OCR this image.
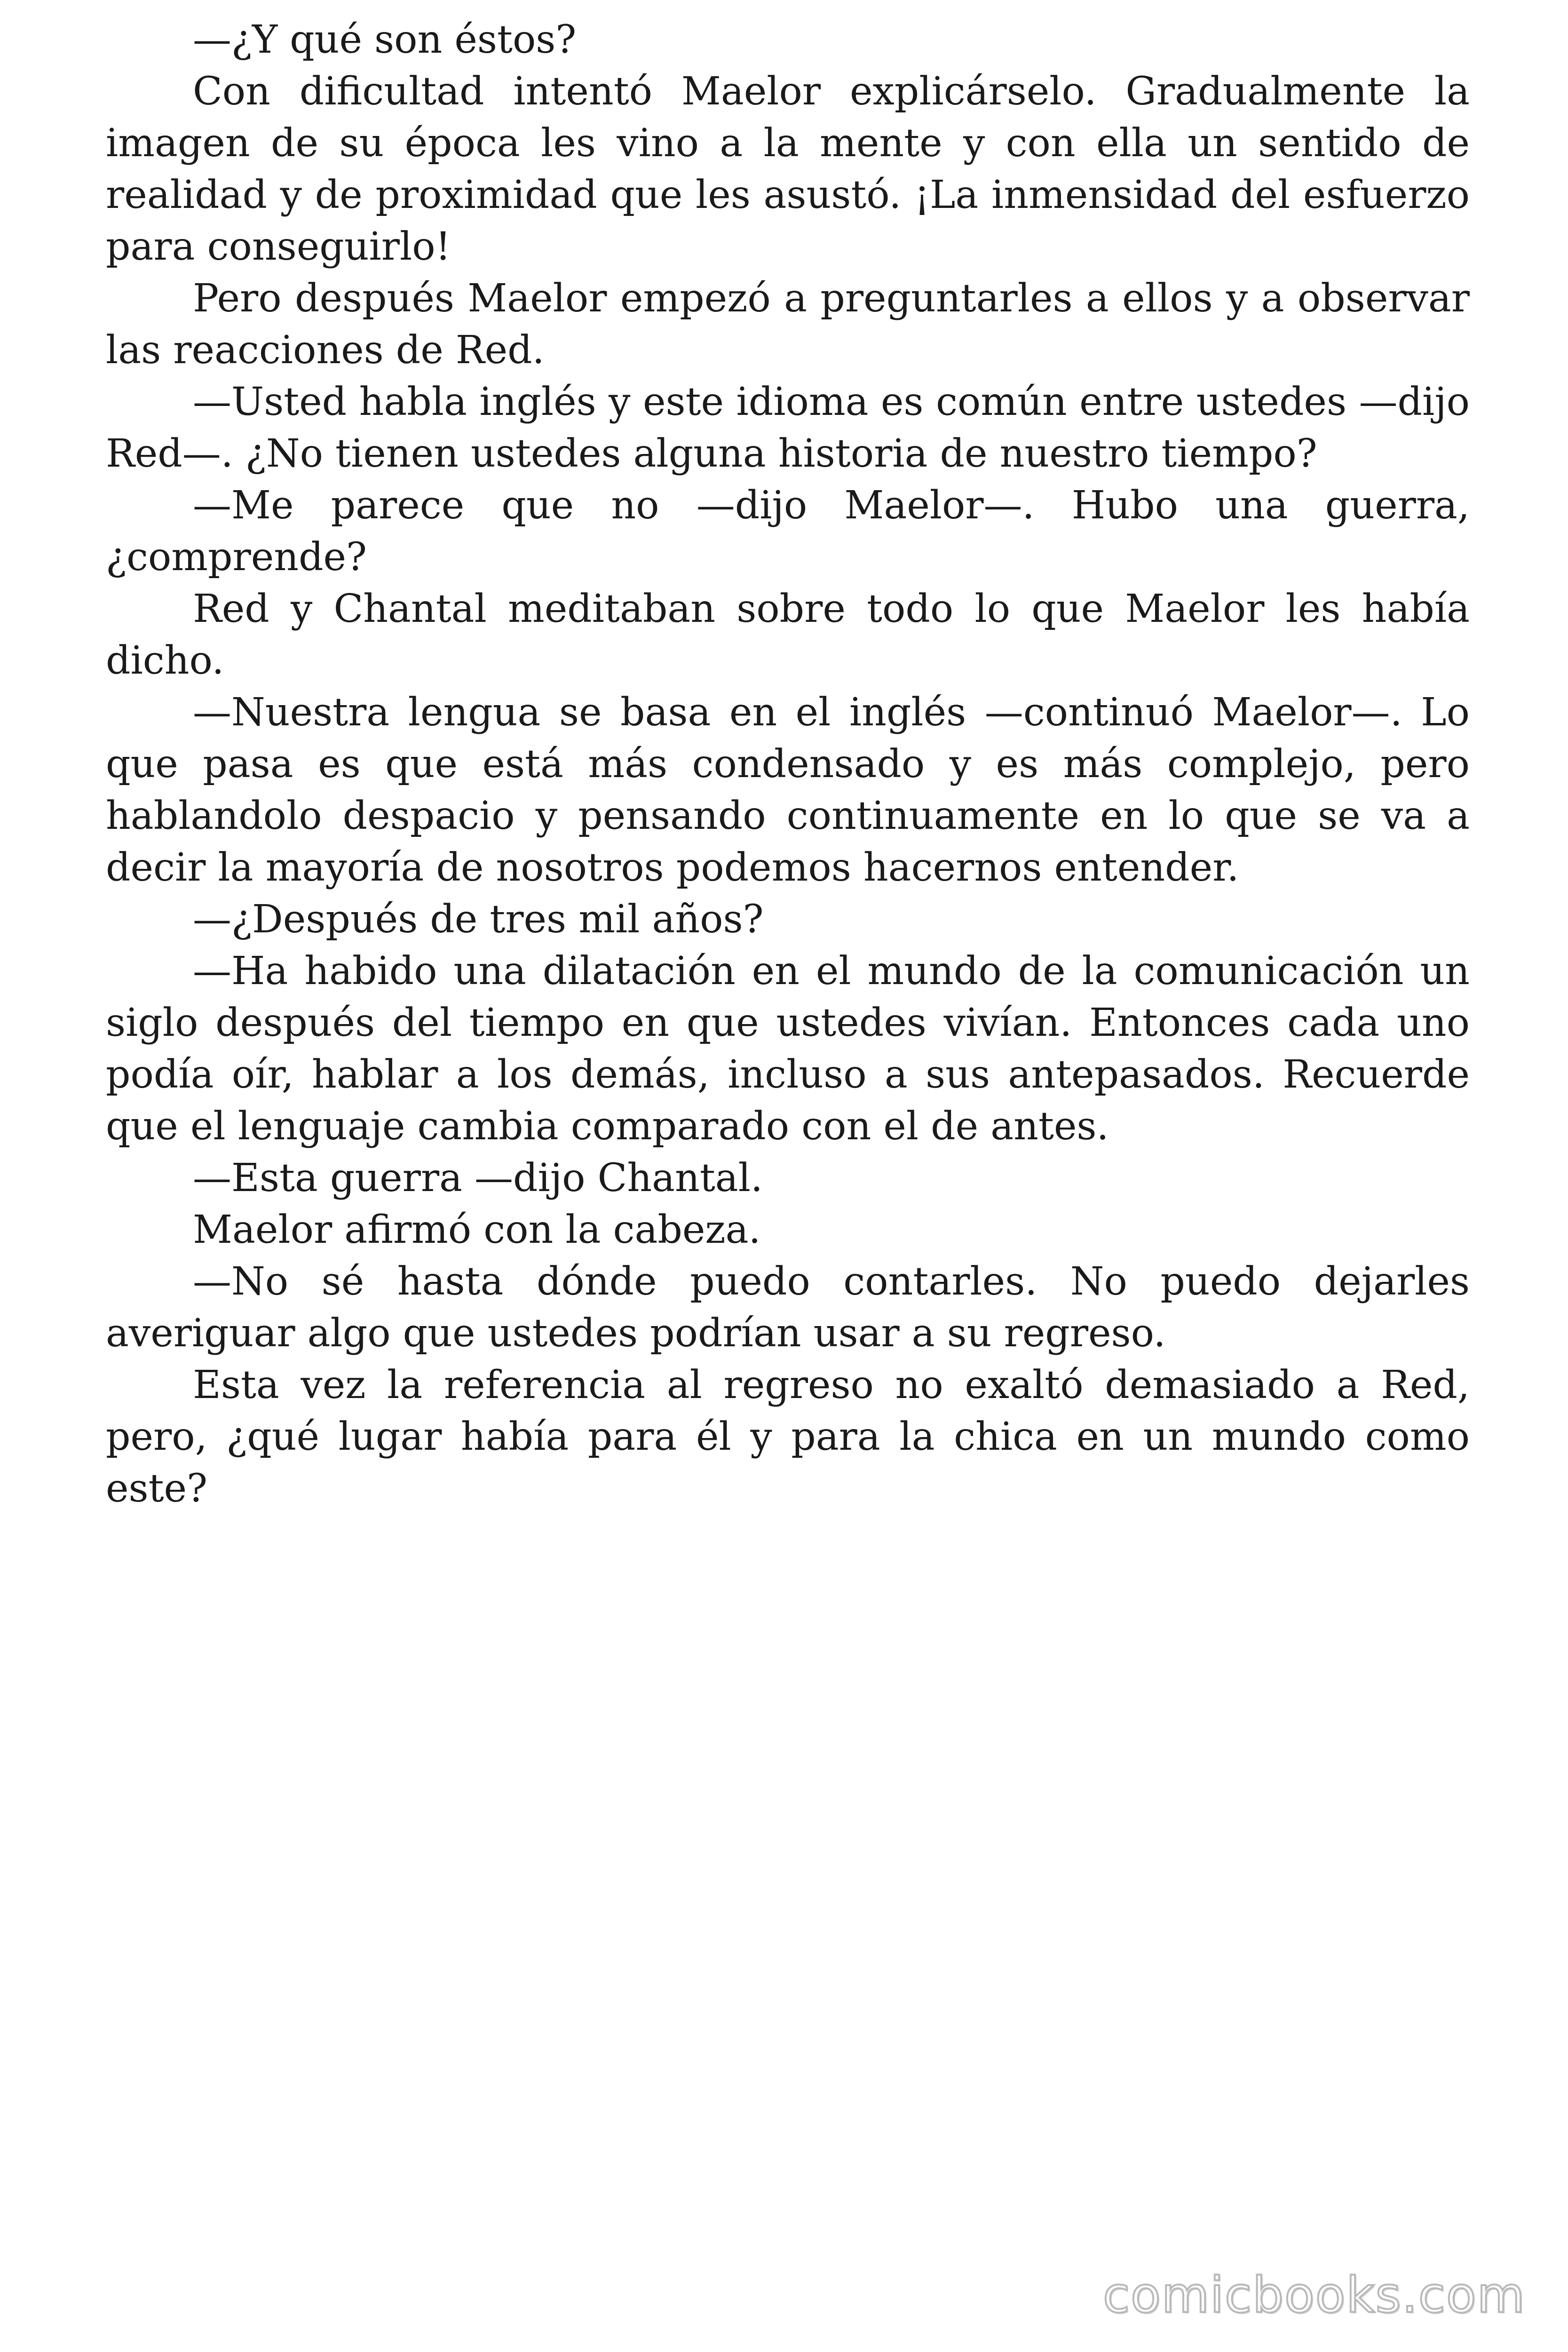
—¿Y qué son éstos?

Con dificultad intentó Maelor explicárselo. Gradualmente la imagen de su época les vino a la mente y con ella un sentido de realidad y de proximidad que les asustó. ¡La inmensidad del esfuerzo para conseguirlo!

Pero después Maelor empezó a preguntarles a ellos y a observar las reacciones de Red.

—Usted habla inglés y este idioma es común entre ustedes —dijo Red—. ¿No tienen ustedes alguna historia de nuestro tiempo?

—Me parece que no —dijo Maelor—. Hubo una guerra, ¿comprende?

Red y Chantal meditaban sobre todo lo que Maelor les había dicho.

—Nuestra lengua se basa en el inglés —continuó Maelor—. Lo que pasa es que está más condensado y es más complejo, pero hablandolo despacio y pensando continuamente en lo que se va a decir la mayoría de nosotros podemos hacernos entender.

—¿Después de tres mil años?

—Ha habido una dilatación en el mundo de la comunicación un siglo después del tiempo en que ustedes vivían. Entonces cada uno podía oír, hablar a los demás, incluso a sus antepasados. Recuerde que el lenguaje cambia comparado con el de antes.

—Esta guerra —dijo Chantal.

Maelor afirmó con la cabeza.

—No sé hasta dónde puedo contarles. No puedo dejarles averiguar algo que ustedes podrían usar a su regreso.

Esta vez la referencia al regreso no exaltó demasiado a Red, pero, ¿qué lugar había para él y para la chica en un mundo como este?

comicbooks.com
